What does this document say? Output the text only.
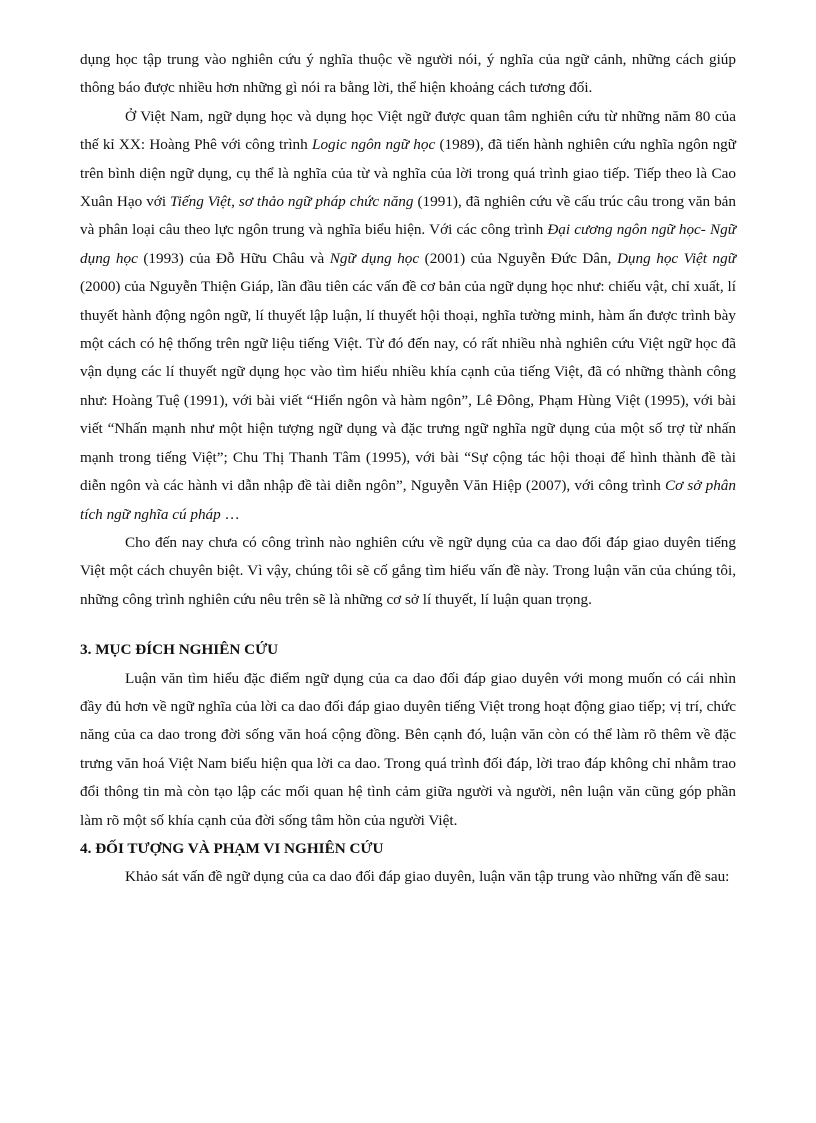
dụng học tập trung vào nghiên cứu ý nghĩa thuộc về người nói, ý nghĩa của ngữ cảnh, những cách giúp thông báo được nhiều hơn những gì nói ra bằng lời, thể hiện khoảng cách tương đối.

Ở Việt Nam, ngữ dụng học và dụng học Việt ngữ được quan tâm nghiên cứu từ những năm 80 của thế kỉ XX: Hoàng Phê với công trình Logic ngôn ngữ học (1989), đã tiến hành nghiên cứu nghĩa ngôn ngữ trên bình diện ngữ dụng, cụ thể là nghĩa của từ và nghĩa của lời trong quá trình giao tiếp. Tiếp theo là Cao Xuân Hạo với Tiếng Việt, sơ thảo ngữ pháp chức năng (1991), đã nghiên cứu về cấu trúc câu trong văn bản và phân loại câu theo lực ngôn trung và nghĩa biểu hiện. Với các công trình Đại cương ngôn ngữ học- Ngữ dụng học (1993) của Đỗ Hữu Châu và Ngữ dụng học (2001) của Nguyễn Đức Dân, Dụng học Việt ngữ (2000) của Nguyễn Thiện Giáp, lần đầu tiên các vấn đề cơ bản của ngữ dụng học như: chiếu vật, chỉ xuất, lí thuyết hành động ngôn ngữ, lí thuyết lập luận, lí thuyết hội thoại, nghĩa tường minh, hàm ẩn được trình bày một cách có hệ thống trên ngữ liệu tiếng Việt. Từ đó đến nay, có rất nhiều nhà nghiên cứu Việt ngữ học đã vận dụng các lí thuyết ngữ dụng học vào tìm hiểu nhiều khía cạnh của tiếng Việt, đã có những thành công như: Hoàng Tuệ (1991), với bài viết “Hiển ngôn và hàm ngôn”, Lê Đông, Phạm Hùng Việt (1995), với bài viết “Nhấn mạnh như một hiện tượng ngữ dụng và đặc trưng ngữ nghĩa ngữ dụng của một số trợ từ nhấn mạnh trong tiếng Việt”; Chu Thị Thanh Tâm (1995), với bài “Sự cộng tác hội thoại để hình thành đề tài diễn ngôn và các hành vi dẫn nhập đề tài diễn ngôn”, Nguyễn Văn Hiệp (2007), với công trình Cơ sở phân tích ngữ nghĩa cú pháp …

Cho đến nay chưa có công trình nào nghiên cứu về ngữ dụng của ca dao đối đáp giao duyên tiếng Việt một cách chuyên biệt. Vì vậy, chúng tôi sẽ cố gắng tìm hiểu vấn đề này. Trong luận văn của chúng tôi, những công trình nghiên cứu nêu trên sẽ là những cơ sở lí thuyết, lí luận quan trọng.

3. MỤC ĐÍCH NGHIÊN CỨU

Luận văn tìm hiểu đặc điểm ngữ dụng của ca dao đối đáp giao duyên với mong muốn có cái nhìn đầy đủ hơn về ngữ nghĩa của lời ca dao đối đáp giao duyên tiếng Việt trong hoạt động giao tiếp; vị trí, chức năng của ca dao trong đời sống văn hoá cộng đồng. Bên cạnh đó, luận văn còn có thể làm rõ thêm về đặc trưng văn hoá Việt Nam biểu hiện qua lời ca dao. Trong quá trình đối đáp, lời trao đáp không chỉ nhằm trao đổi thông tin mà còn tạo lập các mối quan hệ tình cảm giữa người và người, nên luận văn cũng góp phần làm rõ một số khía cạnh của đời sống tâm hồn của người Việt.

4. ĐỐI TƯỢNG VÀ PHẠM VI NGHIÊN CỨU

Khảo sát vấn đề ngữ dụng của ca dao đối đáp giao duyên, luận văn tập trung vào những vấn đề sau:
